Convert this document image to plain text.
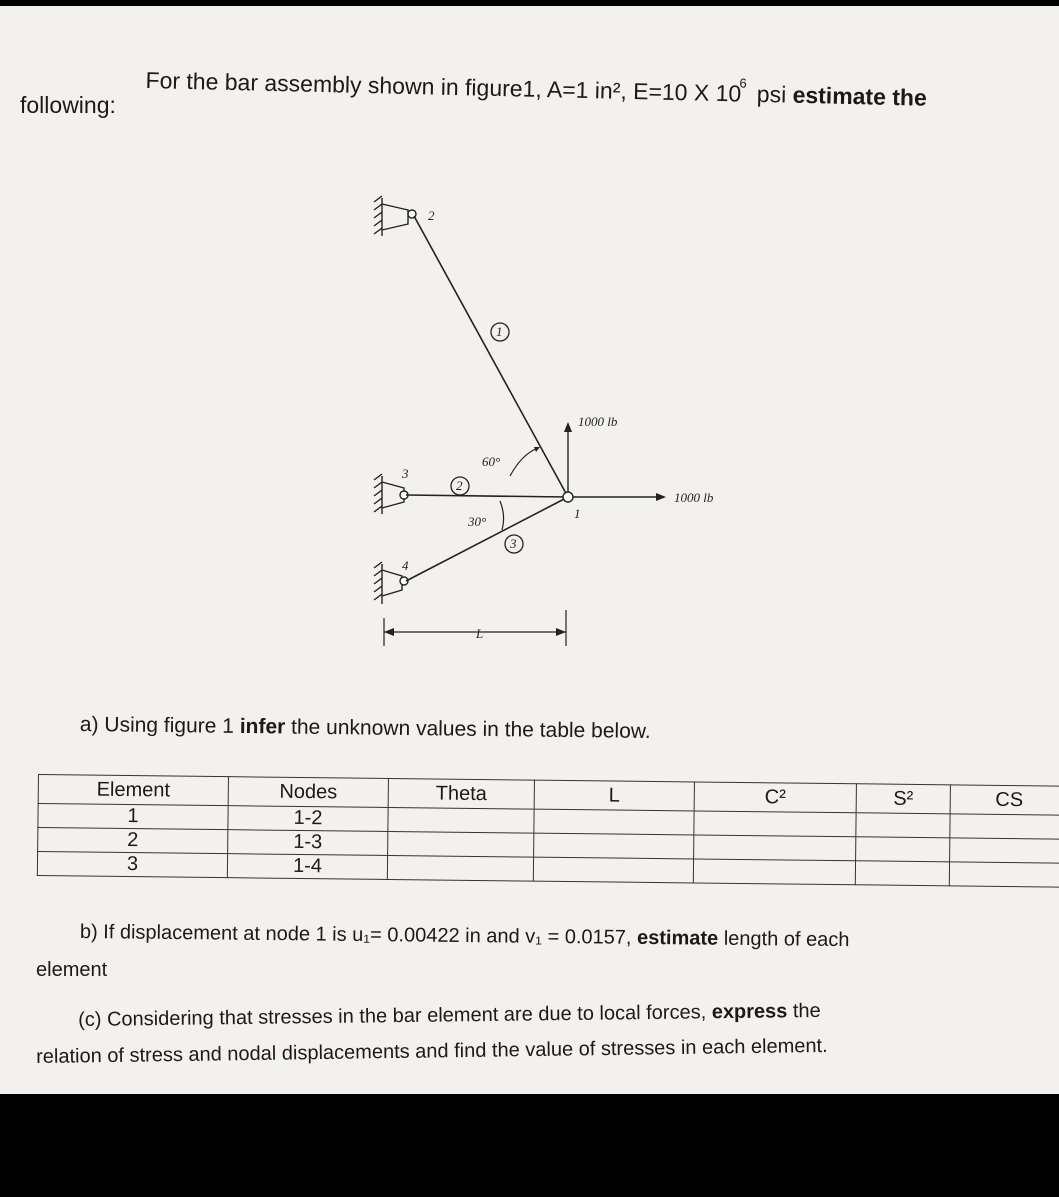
For the bar assembly shown in figure1, A=1 in², E=10 X $10^6$ psi estimate the
following:
2
3
4
1
1
2
3
60°
30°
1000 lb
1000 lb
L
a) Using figure 1 infer the unknown values in the table below.
Element	Nodes	Theta	L	C²	S²	CS
1	1-2					
2	1-3					
3	1-4					
b) If displacement at node 1 is u₁= 0.00422 in and v₁ = 0.0157, estimate length of each
element
(c) Considering that stresses in the bar element are due to local forces, express the
relation of stress and nodal displacements and find the value of stresses in each element.
